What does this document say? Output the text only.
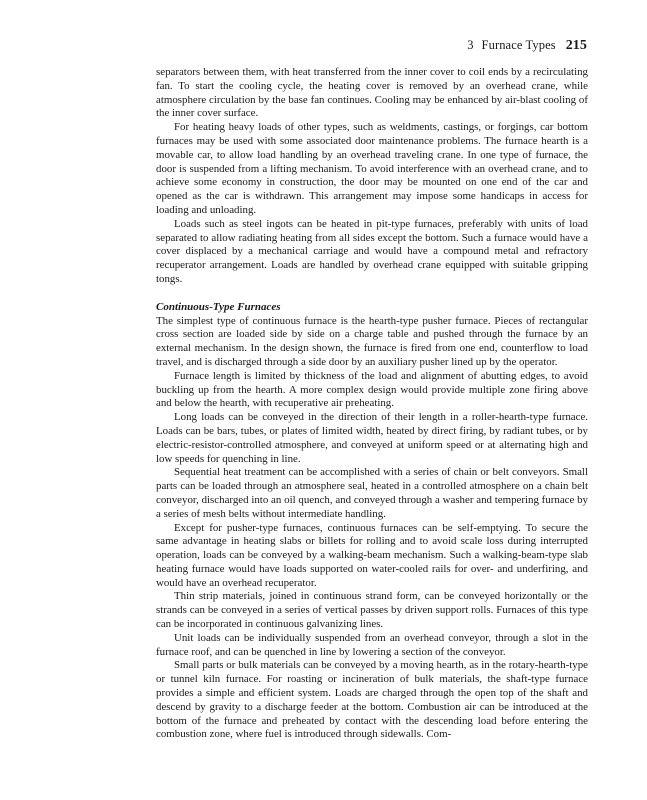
3 Furnace Types 215

separators between them, with heat transferred from the inner cover to coil ends by a recirculating fan. To start the cooling cycle, the heating cover is removed by an overhead crane, while atmosphere circulation by the base fan continues. Cooling may be enhanced by air-blast cooling of the inner cover surface.

For heating heavy loads of other types, such as weldments, castings, or forgings, car bottom furnaces may be used with some associated door maintenance problems. The furnace hearth is a movable car, to allow load handling by an overhead traveling crane. In one type of furnace, the door is suspended from a lifting mechanism. To avoid interference with an overhead crane, and to achieve some economy in construction, the door may be mounted on one end of the car and opened as the car is withdrawn. This arrangement may impose some handicaps in access for loading and unloading.

Loads such as steel ingots can be heated in pit-type furnaces, preferably with units of load separated to allow radiating heating from all sides except the bottom. Such a furnace would have a cover displaced by a mechanical carriage and would have a compound metal and refractory recuperator arrangement. Loads are handled by overhead crane equipped with suitable gripping tongs.

Continuous-Type Furnaces

The simplest type of continuous furnace is the hearth-type pusher furnace. Pieces of rectangular cross section are loaded side by side on a charge table and pushed through the furnace by an external mechanism. In the design shown, the furnace is fired from one end, counterflow to load travel, and is discharged through a side door by an auxiliary pusher lined up by the operator.

Furnace length is limited by thickness of the load and alignment of abutting edges, to avoid buckling up from the hearth. A more complex design would provide multiple zone firing above and below the hearth, with recuperative air preheating.

Long loads can be conveyed in the direction of their length in a roller-hearth-type furnace. Loads can be bars, tubes, or plates of limited width, heated by direct firing, by radiant tubes, or by electric-resistor-controlled atmosphere, and conveyed at uniform speed or at alternating high and low speeds for quenching in line.

Sequential heat treatment can be accomplished with a series of chain or belt conveyors. Small parts can be loaded through an atmosphere seal, heated in a controlled atmosphere on a chain belt conveyor, discharged into an oil quench, and conveyed through a washer and tempering furnace by a series of mesh belts without intermediate handling.

Except for pusher-type furnaces, continuous furnaces can be self-emptying. To secure the same advantage in heating slabs or billets for rolling and to avoid scale loss during interrupted operation, loads can be conveyed by a walking-beam mechanism. Such a walking-beam-type slab heating furnace would have loads supported on water-cooled rails for over- and underfiring, and would have an overhead recuperator.

Thin strip materials, joined in continuous strand form, can be conveyed horizontally or the strands can be conveyed in a series of vertical passes by driven support rolls. Furnaces of this type can be incorporated in continuous galvanizing lines.

Unit loads can be individually suspended from an overhead conveyor, through a slot in the furnace roof, and can be quenched in line by lowering a section of the conveyor.

Small parts or bulk materials can be conveyed by a moving hearth, as in the rotary-hearth-type or tunnel kiln furnace. For roasting or incineration of bulk materials, the shaft-type furnace provides a simple and efficient system. Loads are charged through the open top of the shaft and descend by gravity to a discharge feeder at the bottom. Combustion air can be introduced at the bottom of the furnace and preheated by contact with the descending load before entering the combustion zone, where fuel is introduced through sidewalls. Com-
